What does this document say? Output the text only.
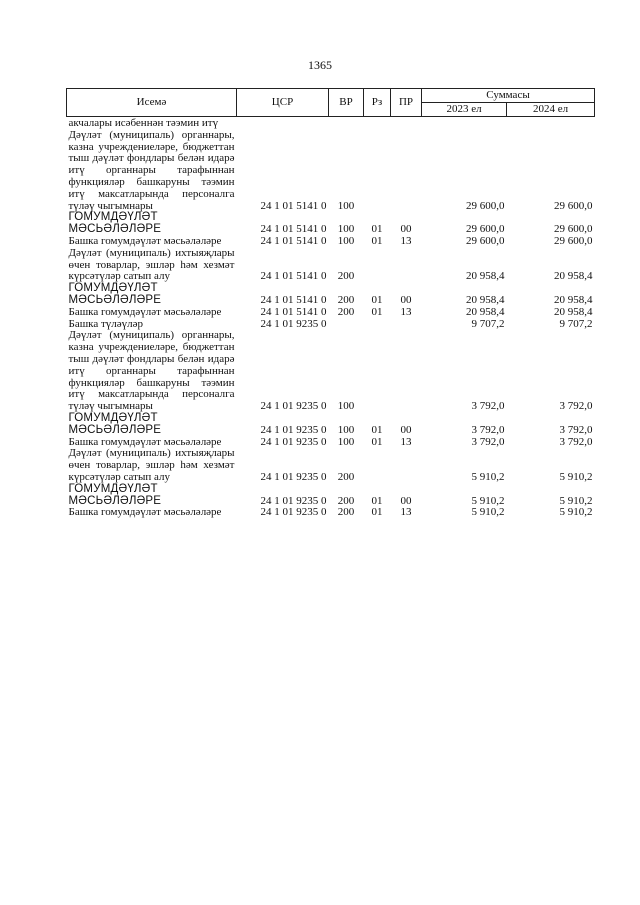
1365
Исемә	ЦСР	ВР	Рз	ПР	Суммасы	
					2023 ел	2024 ел
акчалары исәбеннән тәэмин итү						
Дәүләт (муниципаль) органнары, казна учреждениеләре, бюджеттан тыш дәүләт фондлары белән идарә итү органнары тарафыннан функцияләр башкаруны тәэмин итү максатларында персоналга түләү чыгымнары	24 1 01 5141 0	100			29 600,0	29 600,0
ГОМУМДӘҮЛӘТ МӘСЬӘЛӘЛӘРЕ	24 1 01 5141 0	100	01	00	29 600,0	29 600,0
Башка гомумдәүләт мәсьәләләре	24 1 01 5141 0	100	01	13	29 600,0	29 600,0
Дәүләт (муниципаль) ихтыяҗлары өчен товарлар, эшләр һәм хезмәт күрсәтүләр сатып алу	24 1 01 5141 0	200			20 958,4	20 958,4
ГОМУМДӘҮЛӘТ МӘСЬӘЛӘЛӘРЕ	24 1 01 5141 0	200	01	00	20 958,4	20 958,4
Башка гомумдәүләт мәсьәләләре	24 1 01 5141 0	200	01	13	20 958,4	20 958,4
Башка түләүләр	24 1 01 9235 0				9 707,2	9 707,2
Дәүләт (муниципаль) органнары, казна учреждениеләре, бюджеттан тыш дәүләт фондлары белән идарә итү органнары тарафыннан функцияләр башкаруны тәэмин итү максатларында персоналга түләү чыгымнары	24 1 01 9235 0	100			3 792,0	3 792,0
ГОМУМДӘҮЛӘТ МӘСЬӘЛӘЛӘРЕ	24 1 01 9235 0	100	01	00	3 792,0	3 792,0
Башка гомумдәүләт мәсьәләләре	24 1 01 9235 0	100	01	13	3 792,0	3 792,0
Дәүләт (муниципаль) ихтыяҗлары өчен товарлар, эшләр һәм хезмәт күрсәтүләр сатып алу	24 1 01 9235 0	200			5 910,2	5 910,2
ГОМУМДӘҮЛӘТ МӘСЬӘЛӘЛӘРЕ	24 1 01 9235 0	200	01	00	5 910,2	5 910,2
Башка гомумдәүләт мәсьәләләре	24 1 01 9235 0	200	01	13	5 910,2	5 910,2
